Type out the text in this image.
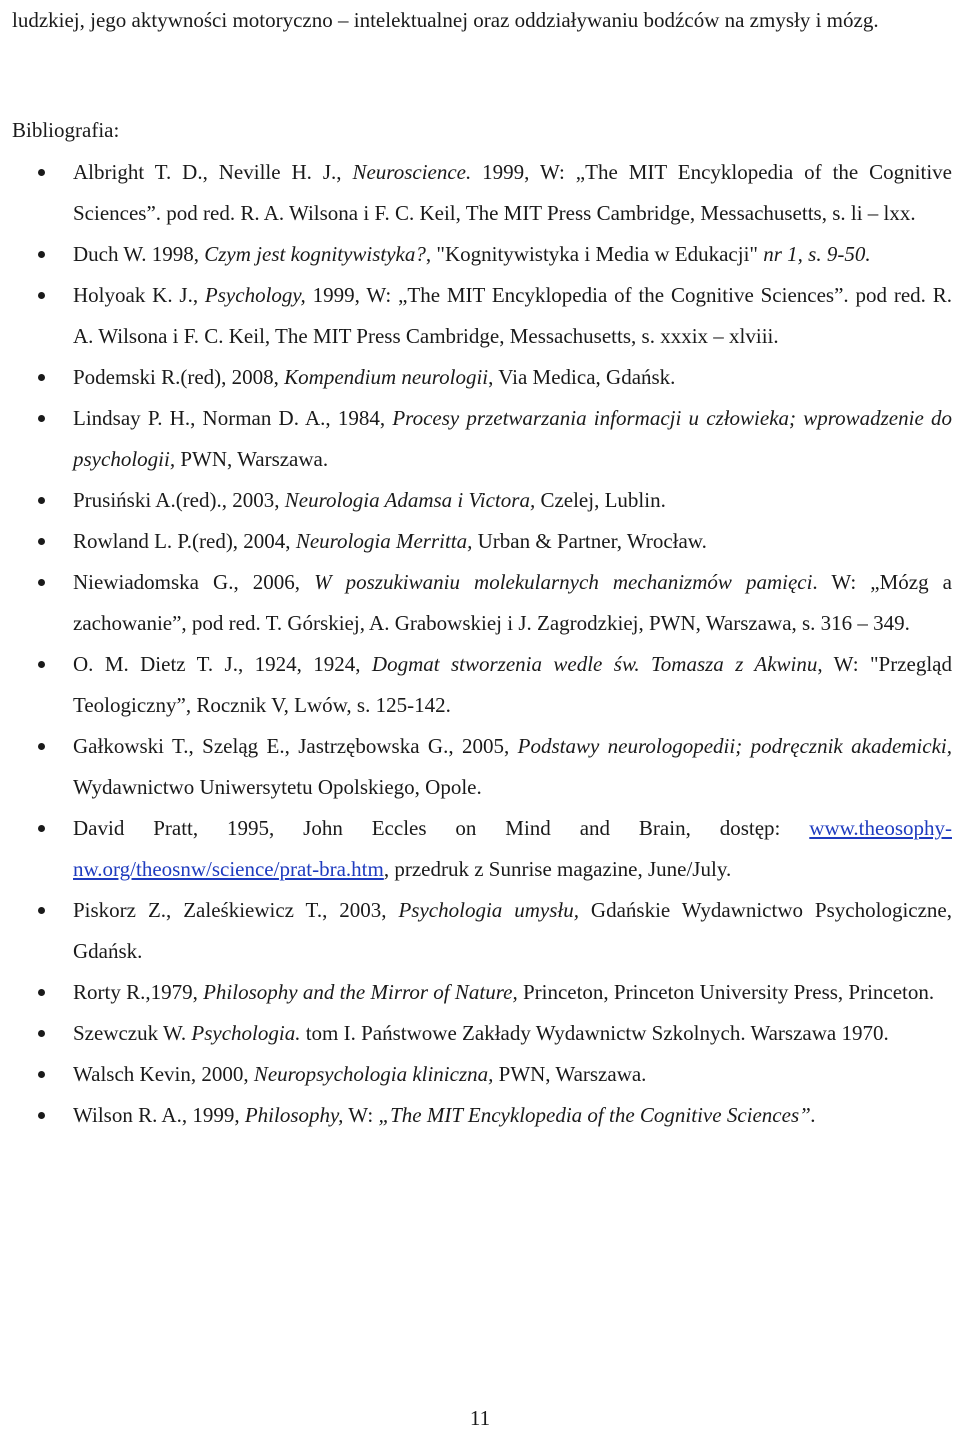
ludzkiej, jego aktywności motoryczno – intelektualnej oraz oddziaływaniu bodźców na zmysły i mózg.
Bibliografia:
Albright T. D., Neville H. J., Neuroscience. 1999, W: „The MIT Encyklopedia of the Cognitive Sciences”. pod red. R. A. Wilsona i F. C. Keil, The MIT Press Cambridge, Messachusetts, s. li – lxx.
Duch W. 1998, Czym jest kognitywistyka?, "Kognitywistyka i Media w Edukacji" nr 1, s. 9-50.
Holyoak K. J., Psychology, 1999, W: „The MIT Encyklopedia of the Cognitive Sciences”. pod red. R. A. Wilsona i F. C. Keil, The MIT Press Cambridge, Messachusetts, s. xxxix – xlviii.
Podemski R.(red), 2008, Kompendium neurologii, Via Medica, Gdańsk.
Lindsay P. H., Norman D. A., 1984, Procesy przetwarzania informacji u człowieka; wprowadzenie do psychologii, PWN, Warszawa.
Prusiński A.(red)., 2003, Neurologia Adamsa i Victora, Czelej, Lublin.
Rowland L. P.(red), 2004, Neurologia Merritta, Urban & Partner, Wrocław.
Niewiadomska G., 2006, W poszukiwaniu molekularnych mechanizmów pamięci. W: „Mózg a zachowanie”, pod red. T. Górskiej, A. Grabowskiej i J. Zagrodzkiej, PWN, Warszawa, s. 316 – 349.
O. M. Dietz T. J., 1924, 1924, Dogmat stworzenia wedle św. Tomasza z Akwinu, W: "Przegląd Teologiczny”, Rocznik V, Lwów, s. 125-142.
Gałkowski T., Szeląg E., Jastrzębowska G., 2005, Podstawy neurologopedii; podręcznik akademicki, Wydawnictwo Uniwersytetu Opolskiego, Opole.
David Pratt, 1995, John Eccles on Mind and Brain, dostęp: www.theosophy-nw.org/theosnw/science/prat-bra.htm, przedruk z Sunrise magazine, June/July.
Piskorz Z., Zaleśkiewicz T., 2003, Psychologia umysłu, Gdańskie Wydawnictwo Psychologiczne, Gdańsk.
Rorty R.,1979, Philosophy and the Mirror of Nature, Princeton, Princeton University Press, Princeton.
Szewczuk W. Psychologia. tom I. Państwowe Zakłady Wydawnictw Szkolnych. Warszawa 1970.
Walsch Kevin, 2000, Neuropsychologia kliniczna, PWN, Warszawa.
Wilson R. A., 1999, Philosophy, W: „The MIT Encyklopedia of the Cognitive Sciences”.
11
